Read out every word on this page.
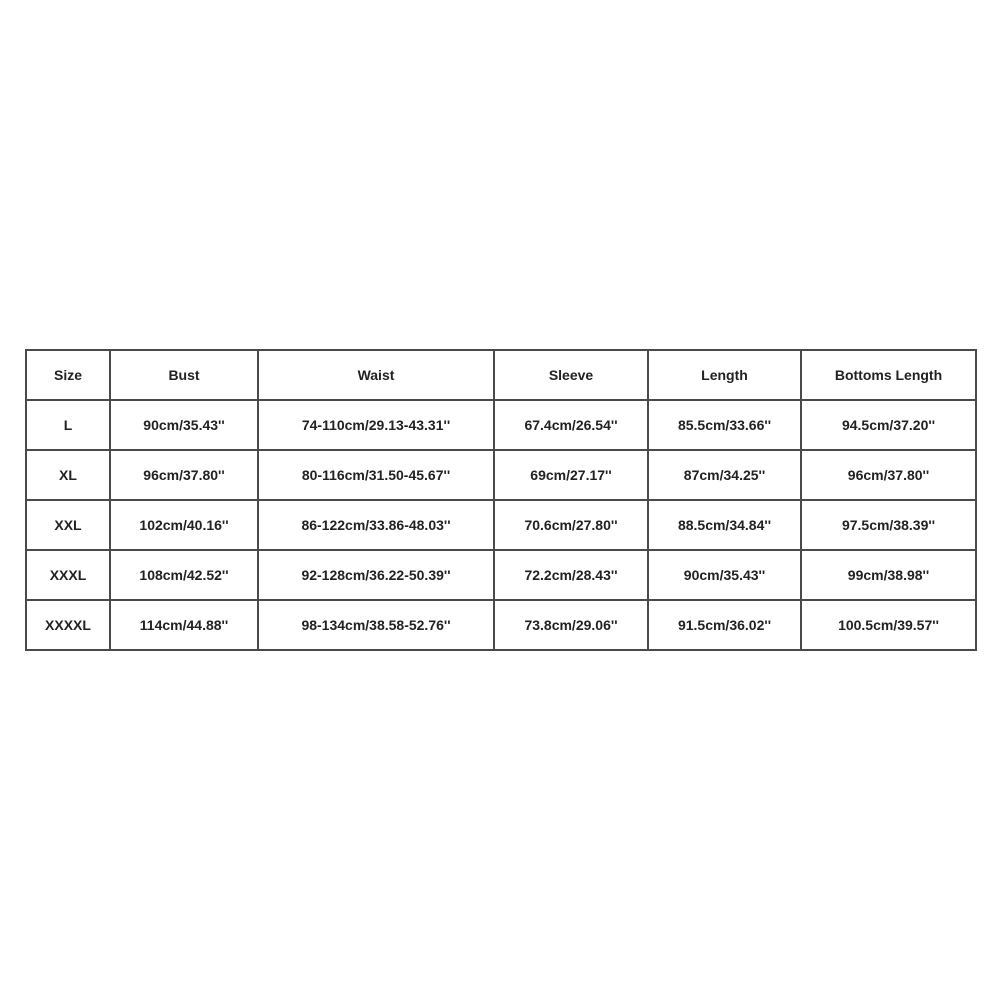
Size	Bust	Waist	Sleeve	Length	Bottoms Length
L	90cm/35.43''	74-110cm/29.13-43.31''	67.4cm/26.54''	85.5cm/33.66''	94.5cm/37.20''
XL	96cm/37.80''	80-116cm/31.50-45.67''	69cm/27.17''	87cm/34.25''	96cm/37.80''
XXL	102cm/40.16''	86-122cm/33.86-48.03''	70.6cm/27.80''	88.5cm/34.84''	97.5cm/38.39''
XXXL	108cm/42.52''	92-128cm/36.22-50.39''	72.2cm/28.43''	90cm/35.43''	99cm/38.98''
XXXXL	114cm/44.88''	98-134cm/38.58-52.76''	73.8cm/29.06''	91.5cm/36.02''	100.5cm/39.57''
